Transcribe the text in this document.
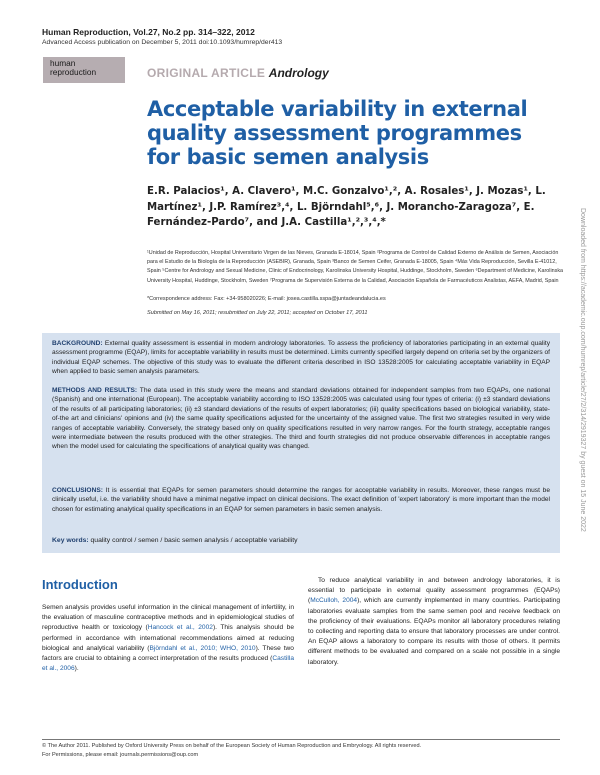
Human Reproduction, Vol.27, No.2 pp. 314–322, 2012
Advanced Access publication on December 5, 2011 doi:10.1093/humrep/der413
human
reproduction	ORIGINAL ARTICLE Andrology
Acceptable variability in external quality assessment programmes for basic semen analysis
E.R. Palacios¹, A. Clavero¹, M.C. Gonzalvo¹,², A. Rosales¹, J. Mozas¹, L. Martínez¹, J.P. Ramírez³,⁴, L. Björndahl⁵,⁶, J. Morancho-Zaragoza⁷, E. Fernández-Pardo⁷, and J.A. Castilla¹,²,³,⁴,*
¹Unidad de Reproducción, Hospital Universitario Virgen de las Nieves, Granada E-18014, Spain ²Programa de Control de Calidad Externo de Análisis de Semen, Asociación para el Estudio de la Biología de la Reproducción (ASEBIR), Granada, Spain ³Banco de Semen Ceifer, Granada E-18005, Spain ⁴Más Vida Reproducción, Sevilla E-41012, Spain ⁵Centre for Andrology and Sexual Medicine, Clinic of Endocrinology, Karolinska University Hospital, Huddinge, Stockholm, Sweden ⁶Department of Medicine, Karolinska University Hospital, Huddinge, Stockholm, Sweden ⁷Programa de Supervisión Externa de la Calidad, Asociación Española de Farmacéuticos Analistas, AEFA, Madrid, Spain
*Correspondence address: Fax: +34-958020226; E-mail: josea.castilla.sspa@juntadeandalucia.es
Submitted on May 16, 2011; resubmitted on July 22, 2011; accepted on October 17, 2011
BACKGROUND: External quality assessment is essential in modern andrology laboratories. To assess the proficiency of laboratories participating in an external quality assessment programme (EQAP), limits for acceptable variability in results must be determined. Limits currently specified largely depend on criteria set by the organizers of individual EQAP schemes. The objective of this study was to evaluate the different criteria described in ISO 13528:2005 for calculating acceptable variability in EQAP when applied to basic semen analysis parameters.
METHODS AND RESULTS: The data used in this study were the means and standard deviations obtained for independent samples from two EQAPs, one national (Spanish) and one international (European). The acceptable variability according to ISO 13528:2005 was calculated using four types of criteria: (i) ±3 standard deviations of the results of all participating laboratories; (ii) ±3 standard deviations of the results of expert laboratories; (iii) quality specifications based on biological variability, state-of-the art and clinicians' opinions and (iv) the same quality specifications adjusted for the uncertainty of the assigned value. The first two strategies resulted in very wide ranges of acceptable variability. Conversely, the strategy based only on quality specifications resulted in very narrow ranges. For the fourth strategy, acceptable ranges were intermediate between the results produced with the other strategies. The third and fourth strategies did not produce observable differences in acceptable ranges when the model used for calculating the specifications of analytical quality was changed.
CONCLUSIONS: It is essential that EQAPs for semen parameters should determine the ranges for acceptable variability in results. Moreover, these ranges must be clinically useful, i.e. the variability should have a minimal negative impact on clinical decisions. The exact definition of 'expert laboratory' is more important than the model chosen for estimating analytical quality specifications in an EQAP for semen parameters in basic semen analysis.
Key words: quality control / semen / basic semen analysis / acceptable variability
Introduction
Semen analysis provides useful information in the clinical management of infertility, in the evaluation of masculine contraceptive methods and in epidemiological studies of reproductive health or toxicology (Hancock et al., 2002). This analysis should be performed in accordance with international recommendations aimed at reducing biological and analytical variability (Björndahl et al., 2010; WHO, 2010). These two factors are crucial to obtaining a correct interpretation of the results produced (Castilla et al., 2006).
To reduce analytical variability in and between andrology laboratories, it is essential to participate in external quality assessment programmes (EQAPs) (McCulloh, 2004), which are currently implemented in many countries. Participating laboratories evaluate samples from the same semen pool and receive feedback on the proficiency of their evaluations. EQAPs monitor all laboratory procedures relating to collecting and reporting data to ensure that laboratory processes are under control. An EQAP allows a laboratory to compare its results with those of others. It permits different methods to be evaluated and compared on a scale not possible in a single laboratory.
© The Author 2011. Published by Oxford University Press on behalf of the European Society of Human Reproduction and Embryology. All rights reserved.
For Permissions, please email: journals.permissions@oup.com
Downloaded from https://academic.oup.com/humrep/article/27/2/314/2919327 by guest on 15 June 2022
